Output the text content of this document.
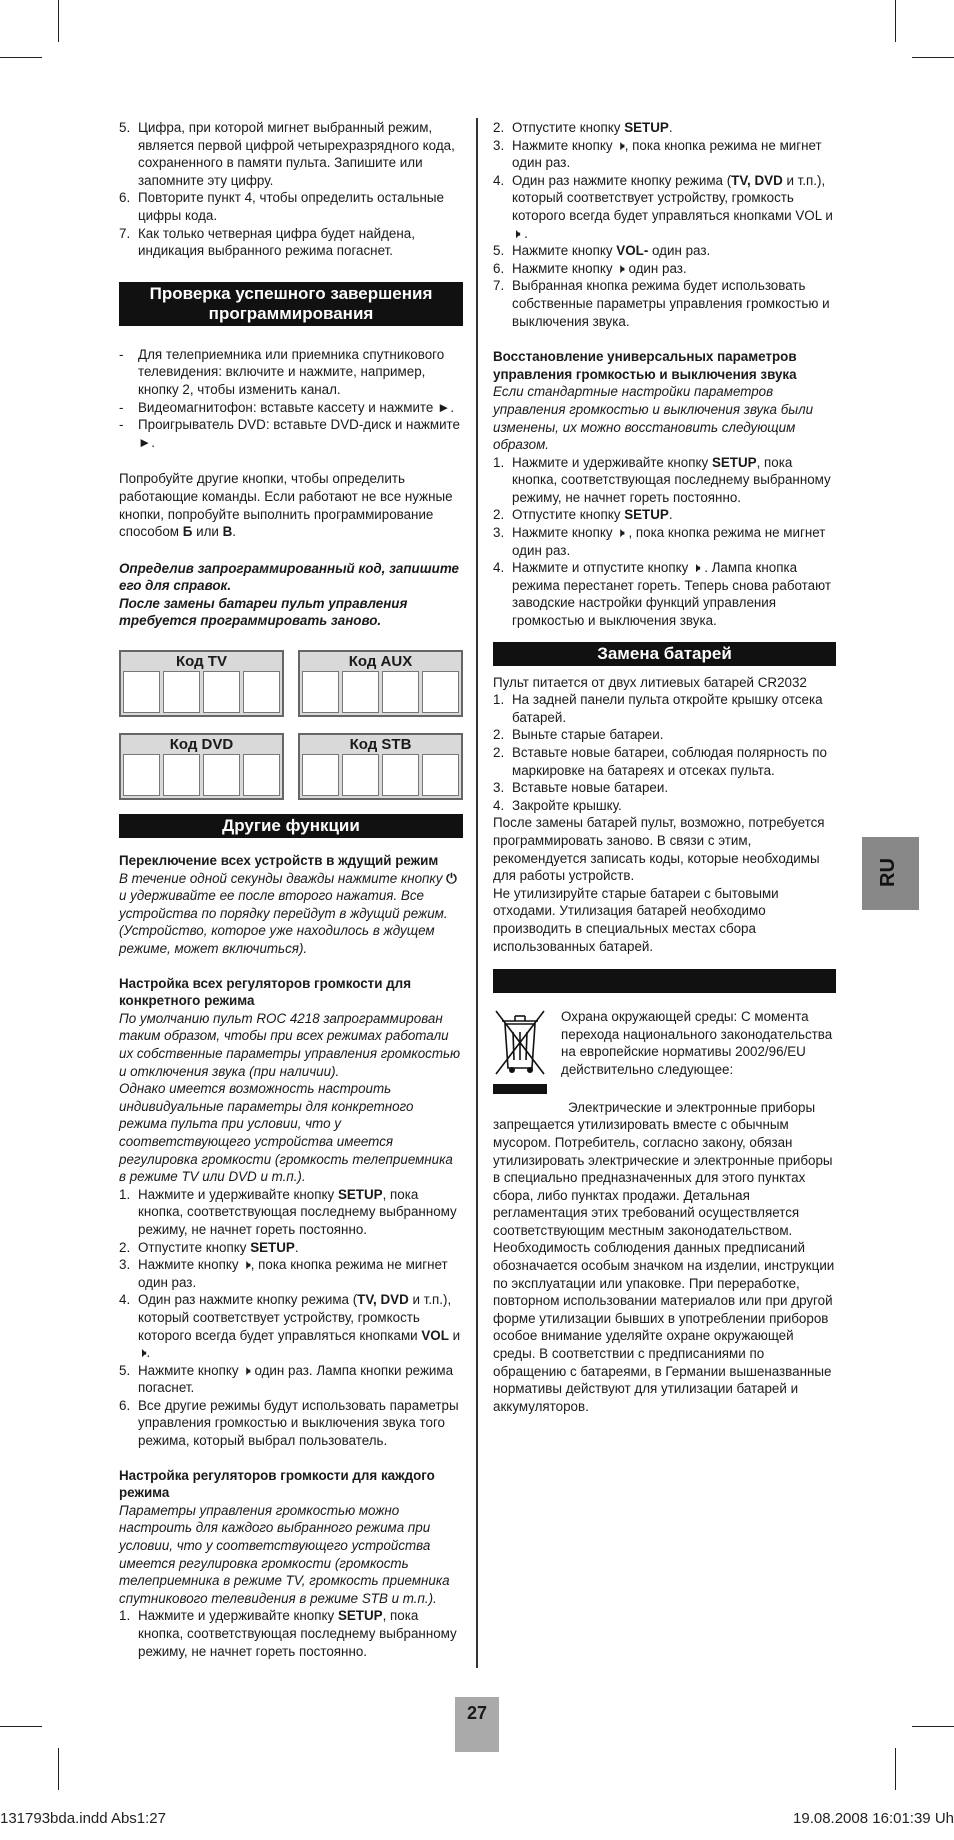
5. Цифра, при которой мигнет выбранный режим, является первой цифрой четырехразрядного кода, сохраненного в памяти пульта. Запишите или запомните эту цифру.
6. Повторите пункт 4, чтобы определить остальные цифры кода.
7. Как только четверная цифра будет найдена, индикация выбранного режима погаснет.
Проверка успешного завершения программирования
-	Для телеприемника или приемника спутникового телевидения: включите и нажмите, например, кнопку 2, чтобы изменить канал.
-	Видеомагнитофон: вставьте кассету и нажмите ►.
-	Проигрыватель DVD: вставьте DVD-диск и нажмите ►.

Попробуйте другие кнопки, чтобы определить работающие команды. Если работают не все нужные кнопки, попробуйте выполнить программирование способом Б или В.

Определив запрограммированный код, запишите его для справок.

После замены батареи пульт управления требуется программировать заново.

Код TV	Код AUX
Код DVD	Код STB
Другие функции

Переключение всех устройств в ждущий режим

В течение одной секунды дважды нажмите кнопку ⏻ и удерживайте ее после второго нажатия. Все устройства по порядку перейдут в ждущий режим. (Устройство, которое уже находилось в ждущем режиме, может включиться).

Настройка всех регуляторов громкости для конкретного режима

По умолчанию пульт ROC 4218 запрограммирован таким образом, чтобы при всех режимах работали их собственные параметры управления громкостью и отключения звука (при наличии).

Однако имеется возможность настроить индивидуальные параметры для конкретного режима пульта при условии, что у соответствующего устройства имеется регулировка громкости (громкость телеприемника в режиме TV или DVD и т.п.).

1. Нажмите и удерживайте кнопку SETUP, пока кнопка, соответствующая последнему выбранному режиму, не начнет гореть постоянно.
2. Отпустите кнопку SETUP.
3. Нажмите кнопку 🕨, пока кнопка режима не мигнет один раз.
4. Один раз нажмите кнопку режима (TV, DVD и т.п.), который соответствует устройству, громкость которого всегда будет управляться кнопками VOL и 🕨.
5. Нажмите кнопку 🕨 один раз. Лампа кнопки режима погаснет.
6. Все другие режимы будут использовать параметры управления громкостью и выключения звука того режима, который выбрал пользователь.

Настройка регуляторов громкости для каждого режима

Параметры управления громкостью можно настроить для каждого выбранного режима при условии, что у соответствующего устройства имеется регулировка громкости (громкость телеприемника в режиме TV, громкость приемника спутникового телевидения в режиме STB и т.п.).

1. Нажмите и удерживайте кнопку SETUP, пока кнопка, соответствующая последнему выбранному режиму, не начнет гореть постоянно.
2. Отпустите кнопку SETUP.
3. Нажмите кнопку 🕨, пока кнопка режима не мигнет один раз.
4. Один раз нажмите кнопку режима (TV, DVD и т.п.), который соответствует устройству, громкость которого всегда будет управляться кнопками VOL и 🕨 .
5. Нажмите кнопку VOL- один раз.
6. Нажмите кнопку 🕨 один раз.
7. Выбранная кнопка режима будет использовать собственные параметры управления громкостью и выключения звука.

Восстановление универсальных параметров управления громкостью и выключения звука

Если стандартные настройки параметров управления громкостью и выключения звука были изменены, их можно восстановить следующим образом.

1. Нажмите и удерживайте кнопку SETUP, пока кнопка, соответствующая последнему выбранному режиму, не начнет гореть постоянно.
2. Отпустите кнопку SETUP.
3. Нажмите кнопку 🕨 , пока кнопка режима не мигнет один раз.
4. Нажмите и отпустите кнопку 🕨 . Лампа кнопка режима перестанет гореть. Теперь снова работают заводские настройки функций управления громкостью и выключения звука.
Замена батарей

Пульт питается от двух литиевых батарей CR2032

1. На задней панели пульта откройте крышку отсека батарей.
2. Выньте старые батареи.
2. Вставьте новые батареи, соблюдая полярность по маркировке на батареях и отсеках пульта.
3. Вставьте новые батареи.
4. Закройте крышку.

После замены батарей пульт, возможно, потребуется программировать заново. В связи с этим, рекомендуется записать коды, которые необходимы для работы устройств.

Не утилизируйте старые батареи с бытовыми отходами. Утилизация батарей необходимо производить в специальных местах сбора использованных батарей.

Охрана окружающей среды: С момента перехода национального законодательства на европейские нормативы 2002/96/EU действительно следующее:

Электрические и электронные приборы запрещается утилизировать вместе с обычным мусором. Потребитель, согласно закону, обязан утилизировать электрические и электронные приборы в специально предназначенных для этого пунктах сбора, либо пунктах продажи. Детальная регламентация этих требований осуществляется соответствующим местным законодательством. Необходимость соблюдения данных предписаний обозначается особым значком на изделии, инструкции по эксплуатации или упаковке. При переработке, повторном использовании материалов или при другой форме утилизации бывших в употреблении приборов особое внимание уделяйте охране окружающей среды. В соответствии с предписаниями по обращению с батареями, в Германии вышеназванные нормативы действуют для утилизации батарей и аккумуляторов.

RU
27
131793bda.indd Abs1:27	19.08.2008 16:01:39 Uh
